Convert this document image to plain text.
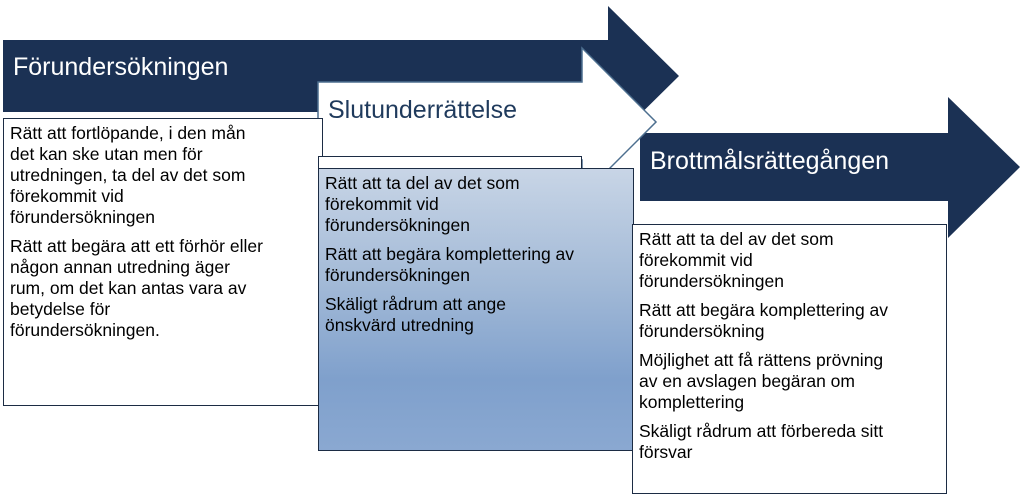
Förundersökningen
Slutunderrättelse
Brottmålsrättegången

Rätt att fortlöpande, i den mån
det kan ske utan men för
utredningen, ta del av det som
förekommit vid
förundersökningen

Rätt att begära att ett förhör eller
någon annan utredning äger
rum, om det kan antas vara av
betydelse för
förundersökningen.

Rätt att ta del av det som
förekommit vid
förundersökningen

Rätt att begära komplettering av
förundersökningen

Skäligt rådrum att ange
önskvärd utredning

Rätt att ta del av det som
förekommit vid
förundersökningen

Rätt att begära komplettering av
förundersökning

Möjlighet att få rättens prövning
av en avslagen begäran om
komplettering

Skäligt rådrum att förbereda sitt
försvar
